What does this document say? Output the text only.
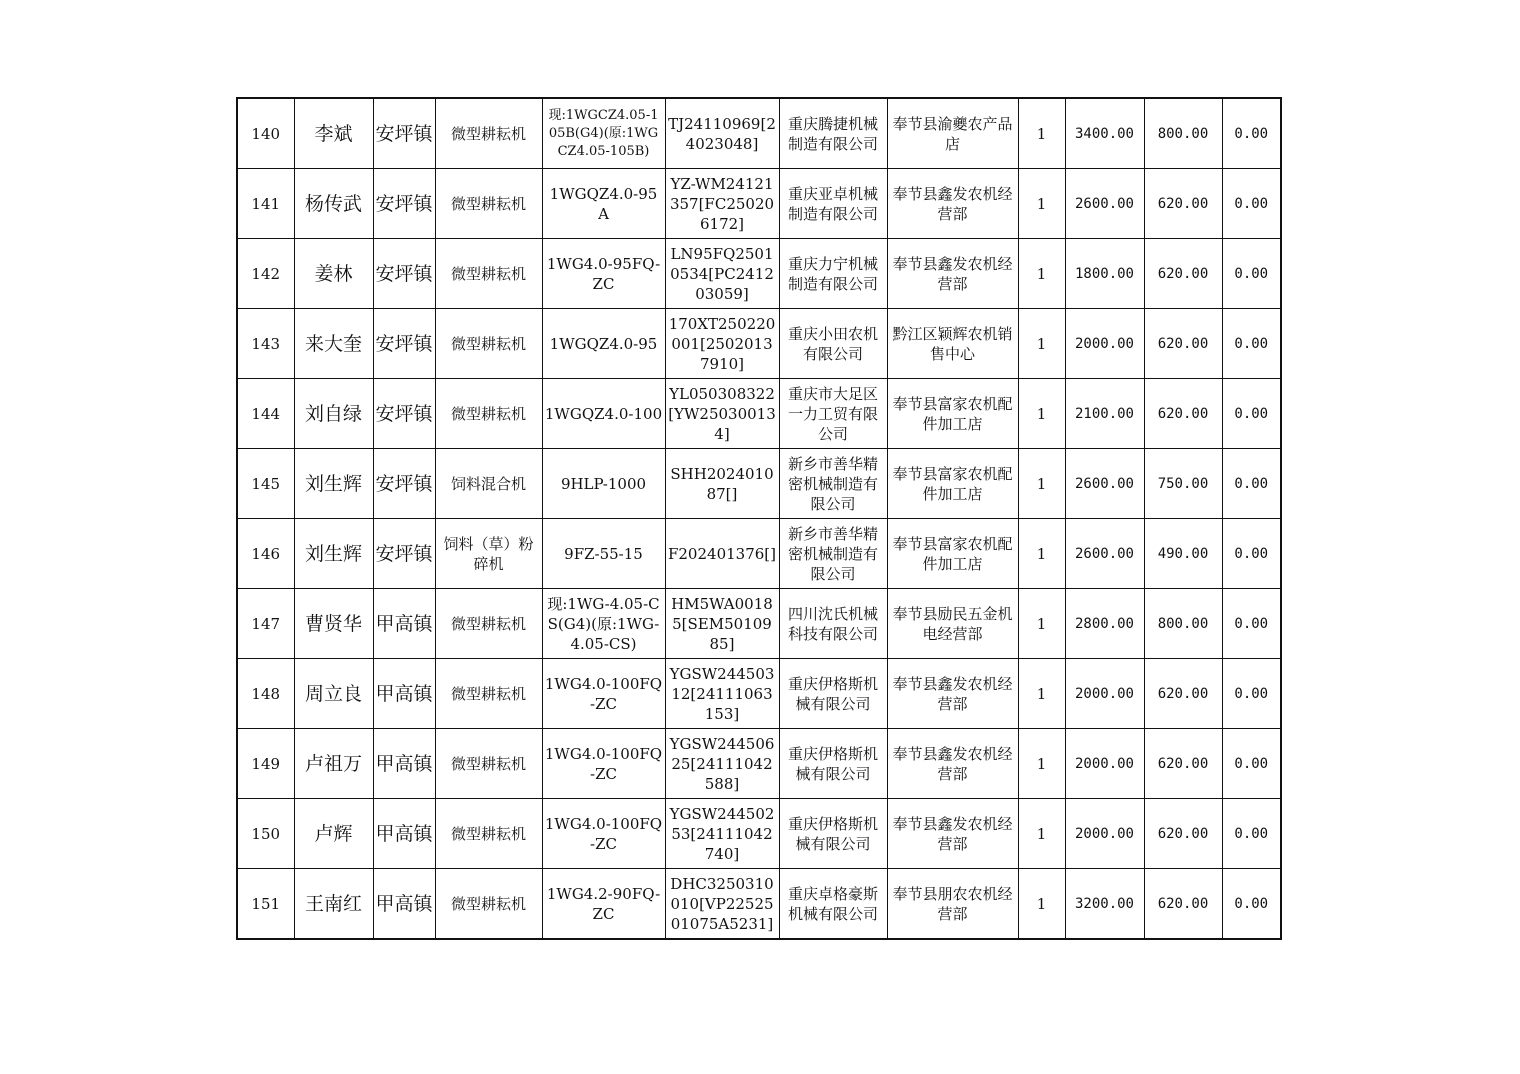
140	李斌	安坪镇	微型耕耘机	现:1WGCZ4.05-105B(G4)(原:1WGCZ4.05-105B)	TJ24110969[24023048]	重庆腾捷机械制造有限公司	奉节县渝夔农产品店	1	3400.00	800.00	0.00
141	杨传武	安坪镇	微型耕耘机	1WGQZ4.0-95A	YZ-WM24121357[FC250206172]	重庆亚卓机械制造有限公司	奉节县鑫发农机经营部	1	2600.00	620.00	0.00
142	姜林	安坪镇	微型耕耘机	1WG4.0-95FQ-ZC	LN95FQ25010534[PC241203059]	重庆力宁机械制造有限公司	奉节县鑫发农机经营部	1	1800.00	620.00	0.00
143	来大奎	安坪镇	微型耕耘机	1WGQZ4.0-95	170XT250220001[25020137910]	重庆小田农机有限公司	黔江区颖辉农机销售中心	1	2000.00	620.00	0.00
144	刘自绿	安坪镇	微型耕耘机	1WGQZ4.0-100	YL050308322[YW250300134]	重庆市大足区一力工贸有限公司	奉节县富家农机配件加工店	1	2100.00	620.00	0.00
145	刘生辉	安坪镇	饲料混合机	9HLP-1000	SHH202401087[]	新乡市善华精密机械制造有限公司	奉节县富家农机配件加工店	1	2600.00	750.00	0.00
146	刘生辉	安坪镇	饲料（草）粉碎机	9FZ-55-15	F202401376[]	新乡市善华精密机械制造有限公司	奉节县富家农机配件加工店	1	2600.00	490.00	0.00
147	曹贤华	甲高镇	微型耕耘机	现:1WG-4.05-CS(G4)(原:1WG-4.05-CS)	HM5WA00185[SEM5010985]	四川沈氏机械科技有限公司	奉节县励民五金机电经营部	1	2800.00	800.00	0.00
148	周立良	甲高镇	微型耕耘机	1WG4.0-100FQ-ZC	YGSW24450312[24111063153]	重庆伊格斯机械有限公司	奉节县鑫发农机经营部	1	2000.00	620.00	0.00
149	卢祖万	甲高镇	微型耕耘机	1WG4.0-100FQ-ZC	YGSW24450625[24111042588]	重庆伊格斯机械有限公司	奉节县鑫发农机经营部	1	2000.00	620.00	0.00
150	卢辉	甲高镇	微型耕耘机	1WG4.0-100FQ-ZC	YGSW24450253[24111042740]	重庆伊格斯机械有限公司	奉节县鑫发农机经营部	1	2000.00	620.00	0.00
151	王南红	甲高镇	微型耕耘机	1WG4.2-90FQ-ZC	DHC3250310010[VP2252501075A5231]	重庆卓格豪斯机械有限公司	奉节县朋农农机经营部	1	3200.00	620.00	0.00
